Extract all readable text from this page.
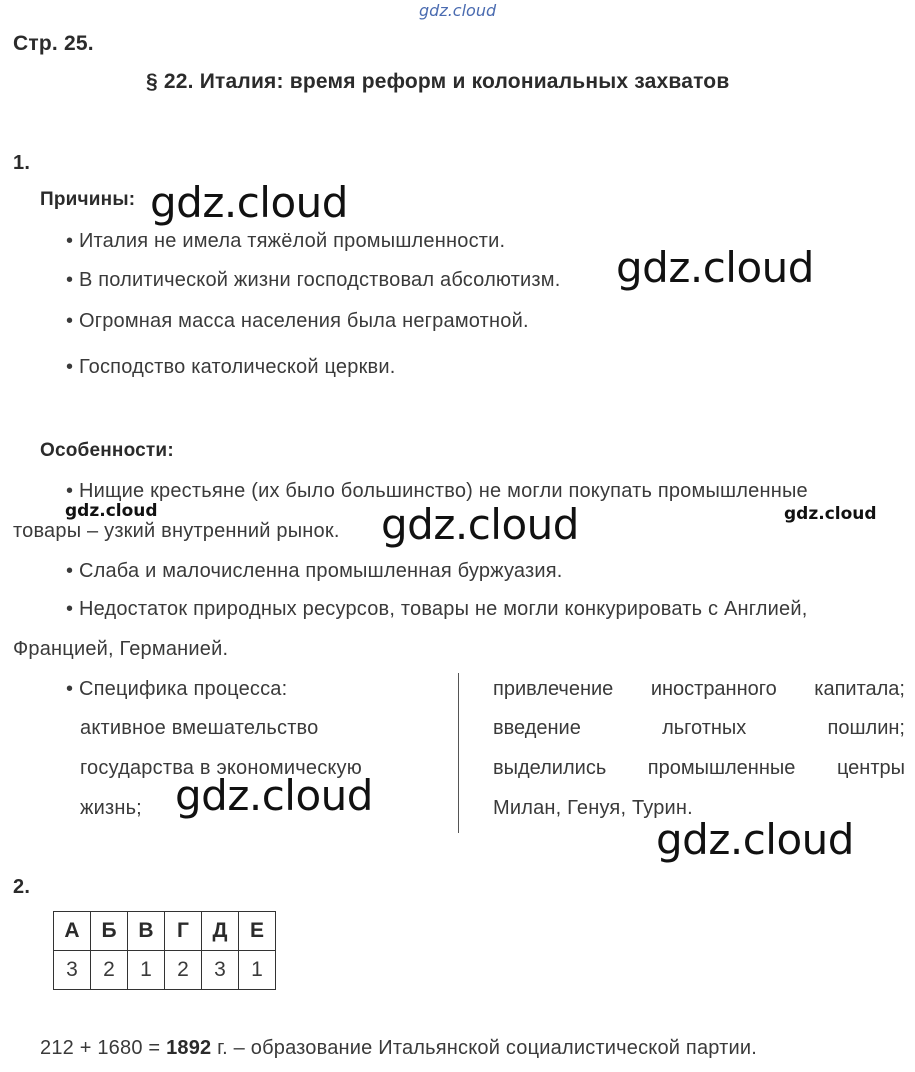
gdz.cloud
Стр. 25.
§ 22. Италия: время реформ и колониальных захватов
1.
Причины: gdz.cloud
• Италия не имела тяжёлой промышленности.
• В политической жизни господствовал абсолютизм. gdz.cloud
• Огромная масса населения была неграмотной.
• Господство католической церкви.
Особенности:
• Нищие крестьяне (их было большинство) не могли покупать промышленные
gdz.cloud
товары – узкий внутренний рынок. gdz.cloud	gdz.cloud
• Слаба и малочисленна промышленная буржуазия.
• Недостаток природных ресурсов, товары не могли конкурировать с Англией,
Францией, Германией.
• Специфика процесса:
активное вмешательство
государства в экономическую
жизнь; gdz.cloud
привлечение иностранного капитала;
введение	льготных	пошлин;
выделились промышленные центры
Милан, Генуя, Турин.
gdz.cloud
2.
А	Б	В	Г	Д	Е
3	2	1	2	3	1
212 + 1680 = 1892 г. – образование Итальянской социалистической партии.
